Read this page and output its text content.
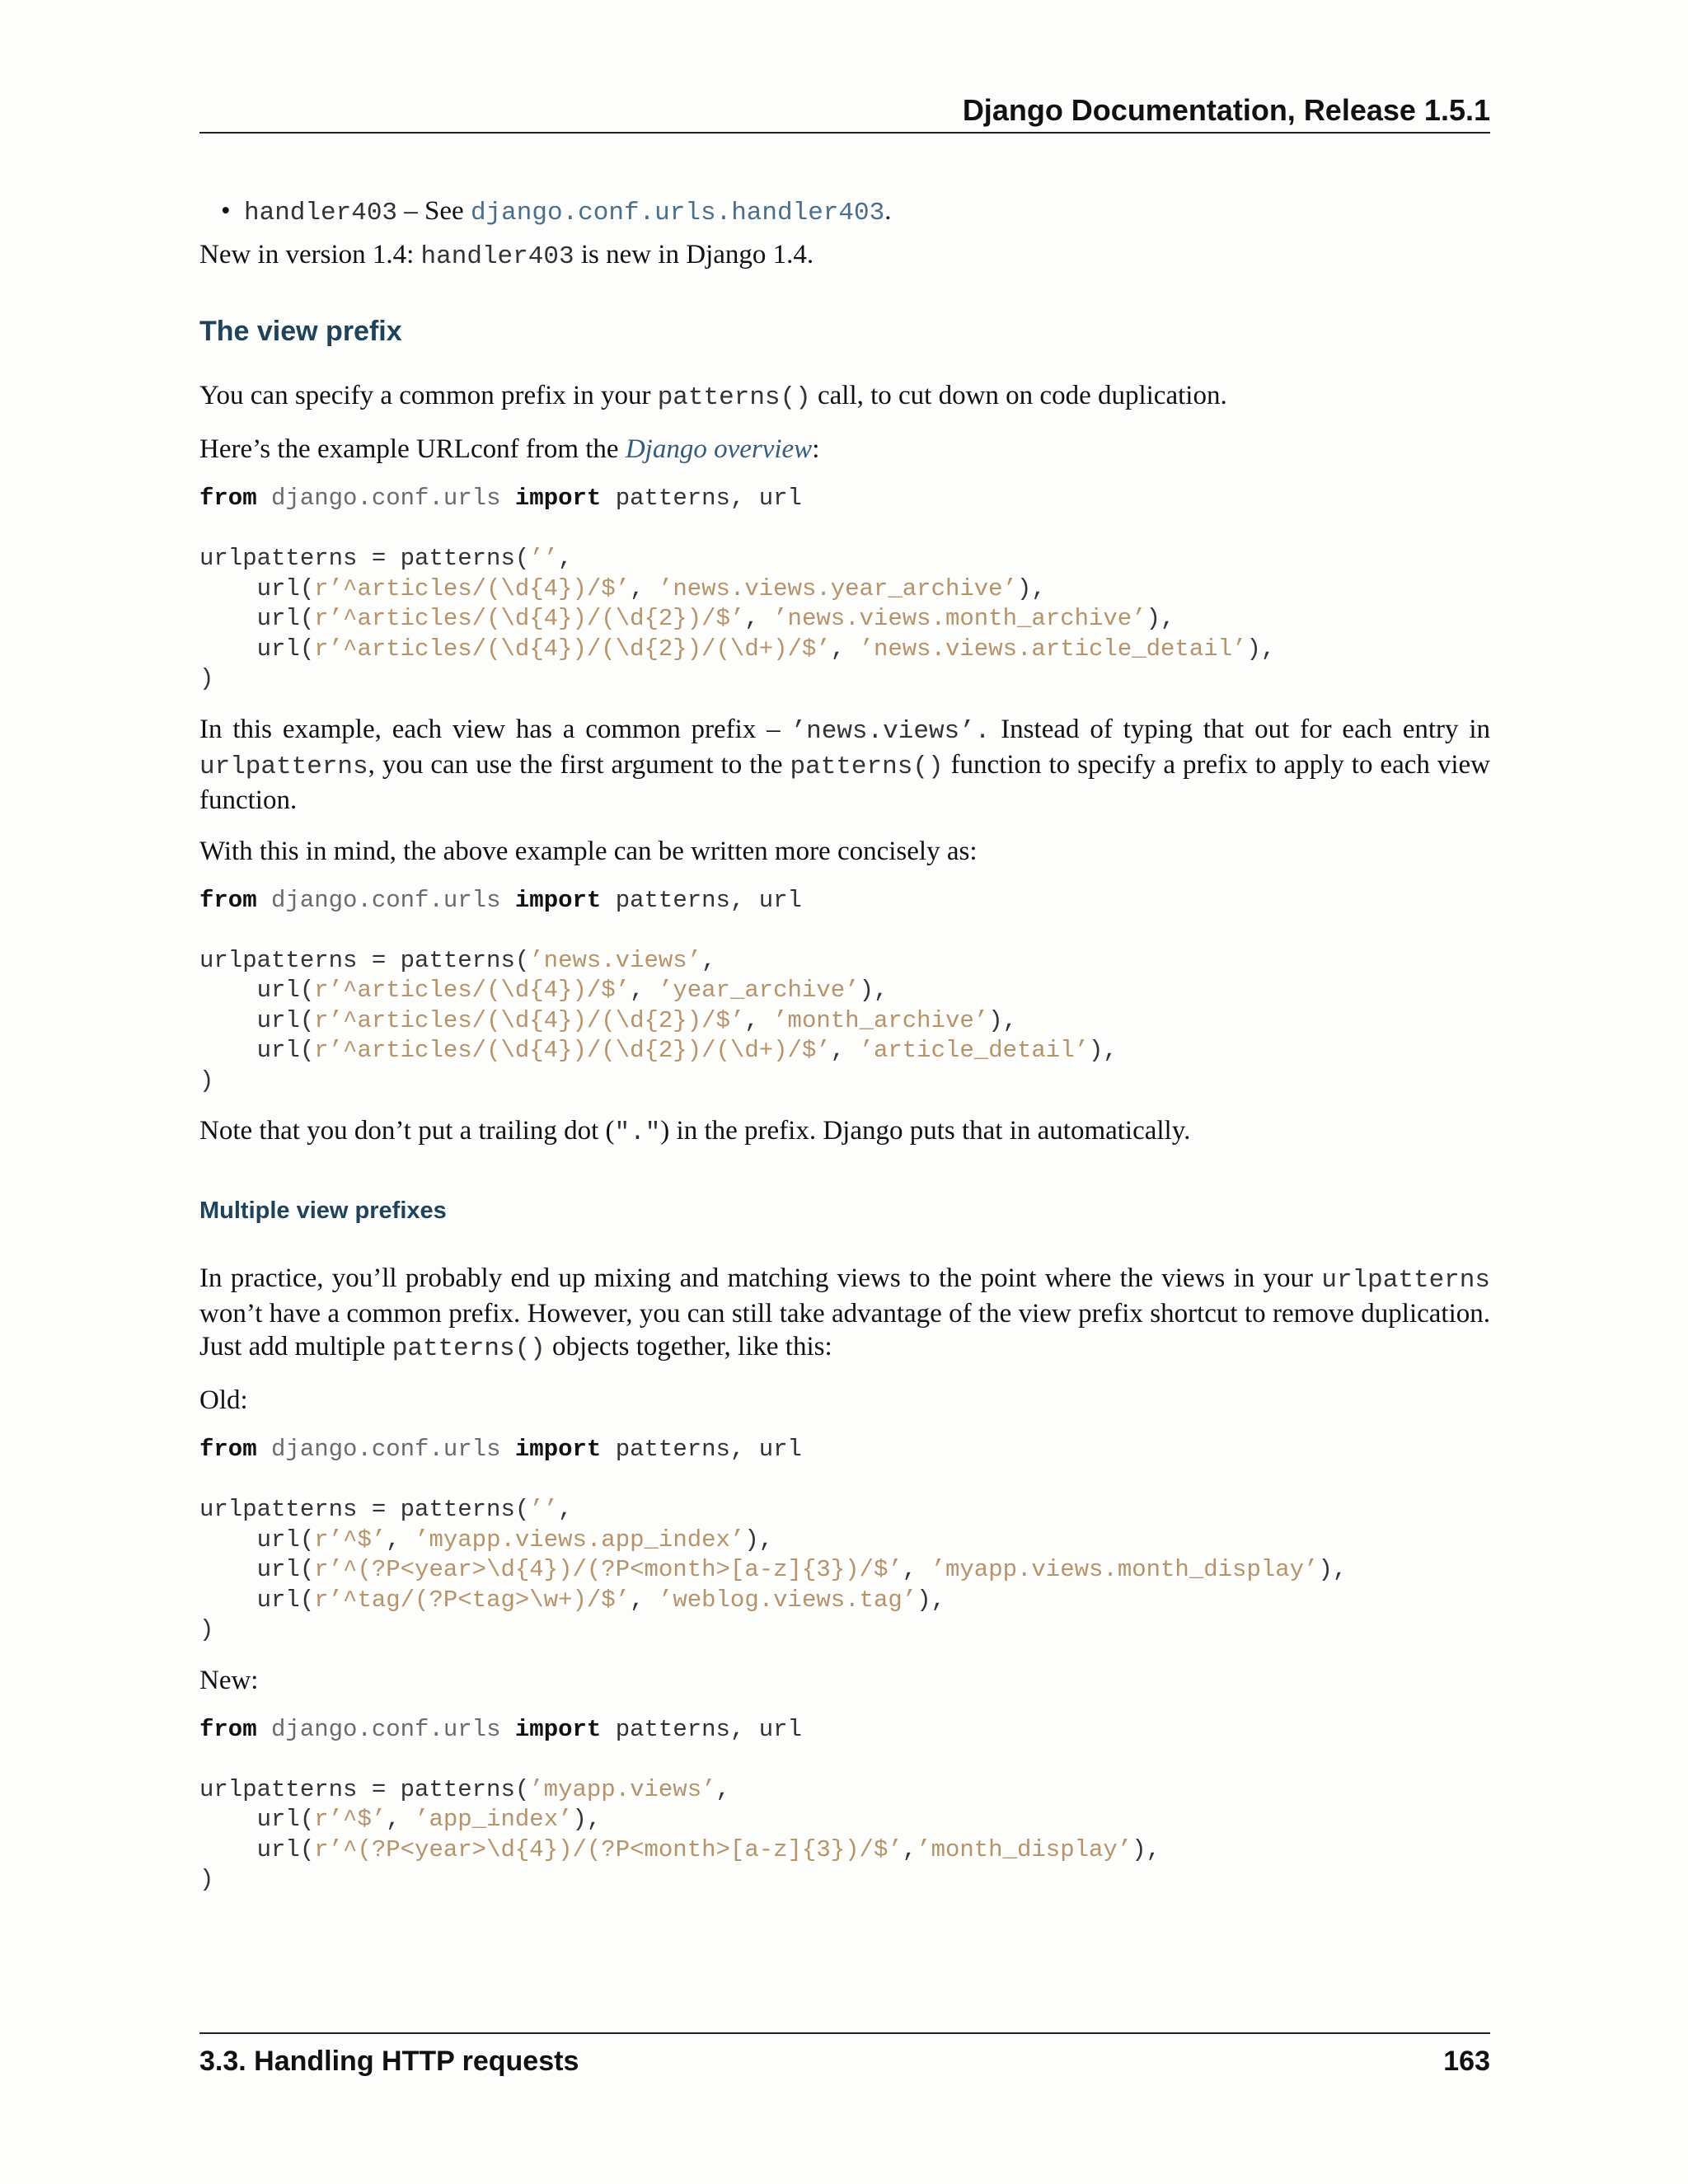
Django Documentation, Release 1.5.1
• handler403 – See django.conf.urls.handler403.

New in version 1.4: handler403 is new in Django 1.4.

The view prefix

You can specify a common prefix in your patterns() call, to cut down on code duplication.

Here’s the example URLconf from the Django overview:

from django.conf.urls import patterns, url

urlpatterns = patterns(’’,
url(r’^articles/(\d{4})/$’, ’news.views.year_archive’),
url(r’^articles/(\d{4})/(\d{2})/$’, ’news.views.month_archive’),
url(r’^articles/(\d{4})/(\d{2})/(\d+)/$’, ’news.views.article_detail’),
)

In this example, each view has a common prefix – ’news.views’. Instead of typing that out for each entry in urlpatterns, you can use the first argument to the patterns() function to specify a prefix to apply to each view function.

With this in mind, the above example can be written more concisely as:

from django.conf.urls import patterns, url

urlpatterns = patterns(’news.views’,
url(r’^articles/(\d{4})/$’, ’year_archive’),
url(r’^articles/(\d{4})/(\d{2})/$’, ’month_archive’),
url(r’^articles/(\d{4})/(\d{2})/(\d+)/$’, ’article_detail’),
)

Note that you don’t put a trailing dot (".") in the prefix. Django puts that in automatically.

Multiple view prefixes

In practice, you’ll probably end up mixing and matching views to the point where the views in your urlpatterns won’t have a common prefix. However, you can still take advantage of the view prefix shortcut to remove duplication. Just add multiple patterns() objects together, like this:

Old:

from django.conf.urls import patterns, url

urlpatterns = patterns(’’,
url(r’^$’, ’myapp.views.app_index’),
url(r’^(?P<year>\d{4})/(?P<month>[a-z]{3})/$’, ’myapp.views.month_display’),
url(r’^tag/(?P<tag>\w+)/$’, ’weblog.views.tag’),
)

New:

from django.conf.urls import patterns, url

urlpatterns = patterns(’myapp.views’,
url(r’^$’, ’app_index’),
url(r’^(?P<year>\d{4})/(?P<month>[a-z]{3})/$’,’month_display’),
)
3.3. Handling HTTP requests	163
